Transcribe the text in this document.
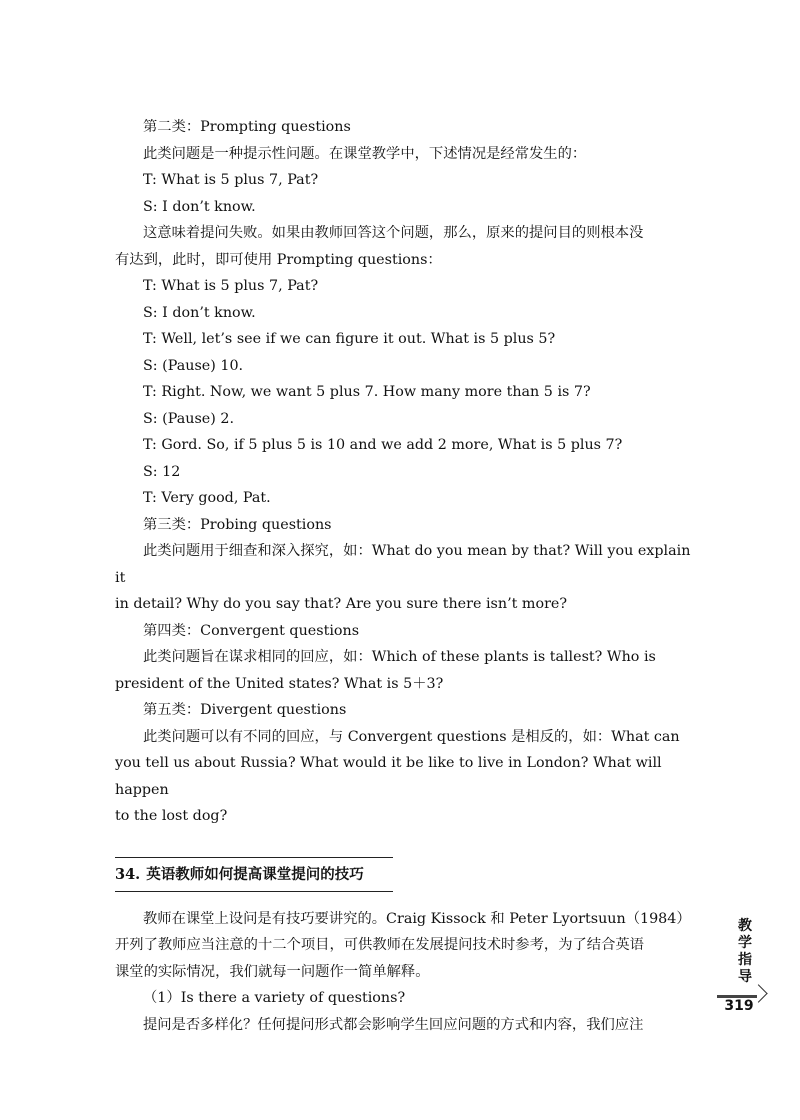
第二类：Prompting questions

此类问题是一种提示性问题。在课堂教学中，下述情况是经常发生的：

T: What is 5 plus 7, Pat?

S: I don’t know.

这意味着提问失败。如果由教师回答这个问题，那么，原来的提问目的则根本没

有达到，此时，即可使用 Prompting questions：

T: What is 5 plus 7, Pat?

S: I don’t know.

T: Well, let’s see if we can figure it out. What is 5 plus 5?

S: (Pause) 10.

T: Right. Now, we want 5 plus 7. How many more than 5 is 7?

S: (Pause) 2.

T: Gord. So, if 5 plus 5 is 10 and we add 2 more, What is 5 plus 7?

S: 12

T: Very good, Pat.

第三类：Probing questions

此类问题用于细查和深入探究，如：What do you mean by that? Will you explain it

in detail? Why do you say that? Are you sure there isn’t more?

第四类：Convergent questions

此类问题旨在谋求相同的回应，如：Which of these plants is tallest? Who is

president of the United states? What is 5＋3?

第五类：Divergent questions

此类问题可以有不同的回应，与 Convergent questions 是相反的，如：What can

you tell us about Russia? What would it be like to live in London? What will happen

to the lost dog?

34. 英语教师如何提高课堂提问的技巧

教师在课堂上设问是有技巧要讲究的。Craig Kissock 和 Peter Lyortsuun（1984）

开列了教师应当注意的十二个项目，可供教师在发展提问技术时参考，为了结合英语

课堂的实际情况，我们就每一问题作一简单解释。

（1）Is there a variety of questions?

提问是否多样化？任何提问形式都会影响学生回应问题的方式和内容，我们应注

教
学
指
导
319
